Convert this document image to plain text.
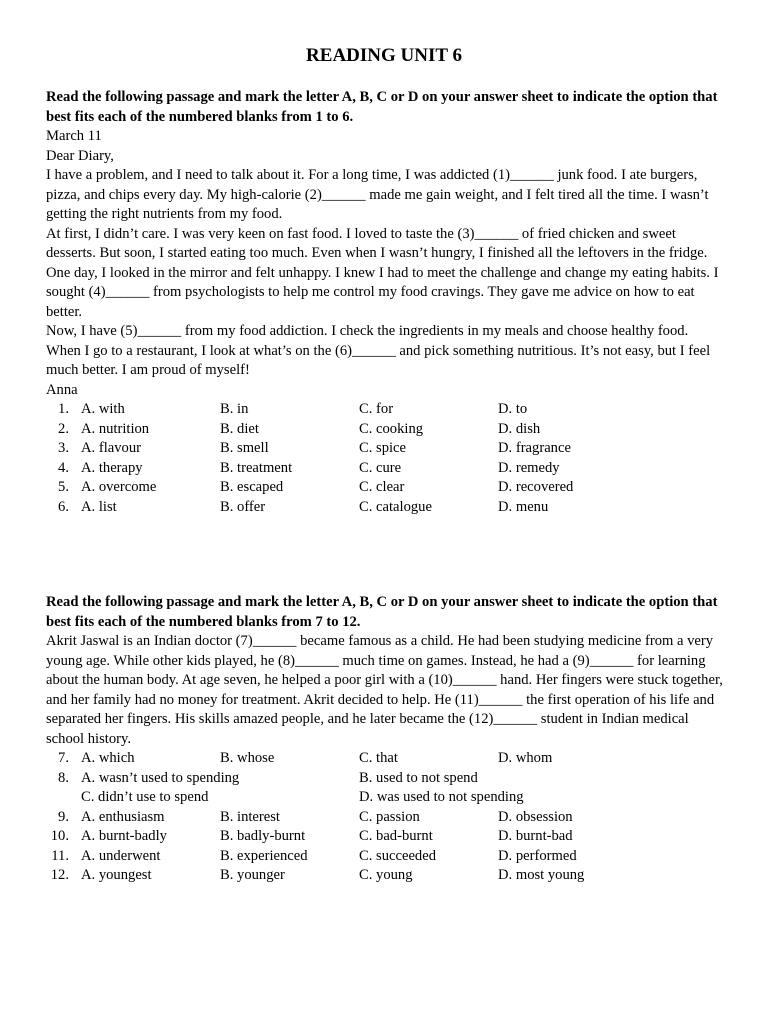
READING UNIT 6

Read the following passage and mark the letter A, B, C or D on your answer sheet to indicate the option that best fits each of the numbered blanks from 1 to 6.

March 11

Dear Diary,

I have a problem, and I need to talk about it. For a long time, I was addicted (1)______ junk food. I ate burgers, pizza, and chips every day. My high-calorie (2)______ made me gain weight, and I felt tired all the time. I wasn’t getting the right nutrients from my food.

At first, I didn’t care. I was very keen on fast food. I loved to taste the (3)______ of fried chicken and sweet desserts. But soon, I started eating too much. Even when I wasn’t hungry, I finished all the leftovers in the fridge.

One day, I looked in the mirror and felt unhappy. I knew I had to meet the challenge and change my eating habits. I sought (4)______ from psychologists to help me control my food cravings. They gave me advice on how to eat better.

Now, I have (5)______ from my food addiction. I check the ingredients in my meals and choose healthy food. When I go to a restaurant, I look at what’s on the (6)______ and pick something nutritious. It’s not easy, but I feel much better. I am proud of myself!

Anna

1. A. with	B. in	C. for	D. to
2. A. nutrition	B. diet	C. cooking	D. dish
3. A. flavour	B. smell	C. spice	D. fragrance
4. A. therapy	B. treatment	C. cure	D. remedy
5. A. overcome	B. escaped	C. clear	D. recovered
6. A. list	B. offer	C. catalogue	D. menu

Read the following passage and mark the letter A, B, C or D on your answer sheet to indicate the option that best fits each of the numbered blanks from 7 to 12.

Akrit Jaswal is an Indian doctor (7)______ became famous as a child. He had been studying medicine from a very young age. While other kids played, he (8)______ much time on games. Instead, he had a (9)______ for learning about the human body. At age seven, he helped a poor girl with a (10)______ hand. Her fingers were stuck together, and her family had no money for treatment. Akrit decided to help. He (11)______ the first operation of his life and separated her fingers. His skills amazed people, and he later became the (12)______ student in Indian medical school history.

7. A. which	B. whose	C. that	D. whom
8. A. wasn’t used to spending	B. used to not spend
C. didn’t use to spend	D. was used to not spending
9. A. enthusiasm	B. interest	C. passion	D. obsession
10. A. burnt-badly	B. badly-burnt	C. bad-burnt	D. burnt-bad
11. A. underwent	B. experienced	C. succeeded	D. performed
12. A. youngest	B. younger	C. young	D. most young
